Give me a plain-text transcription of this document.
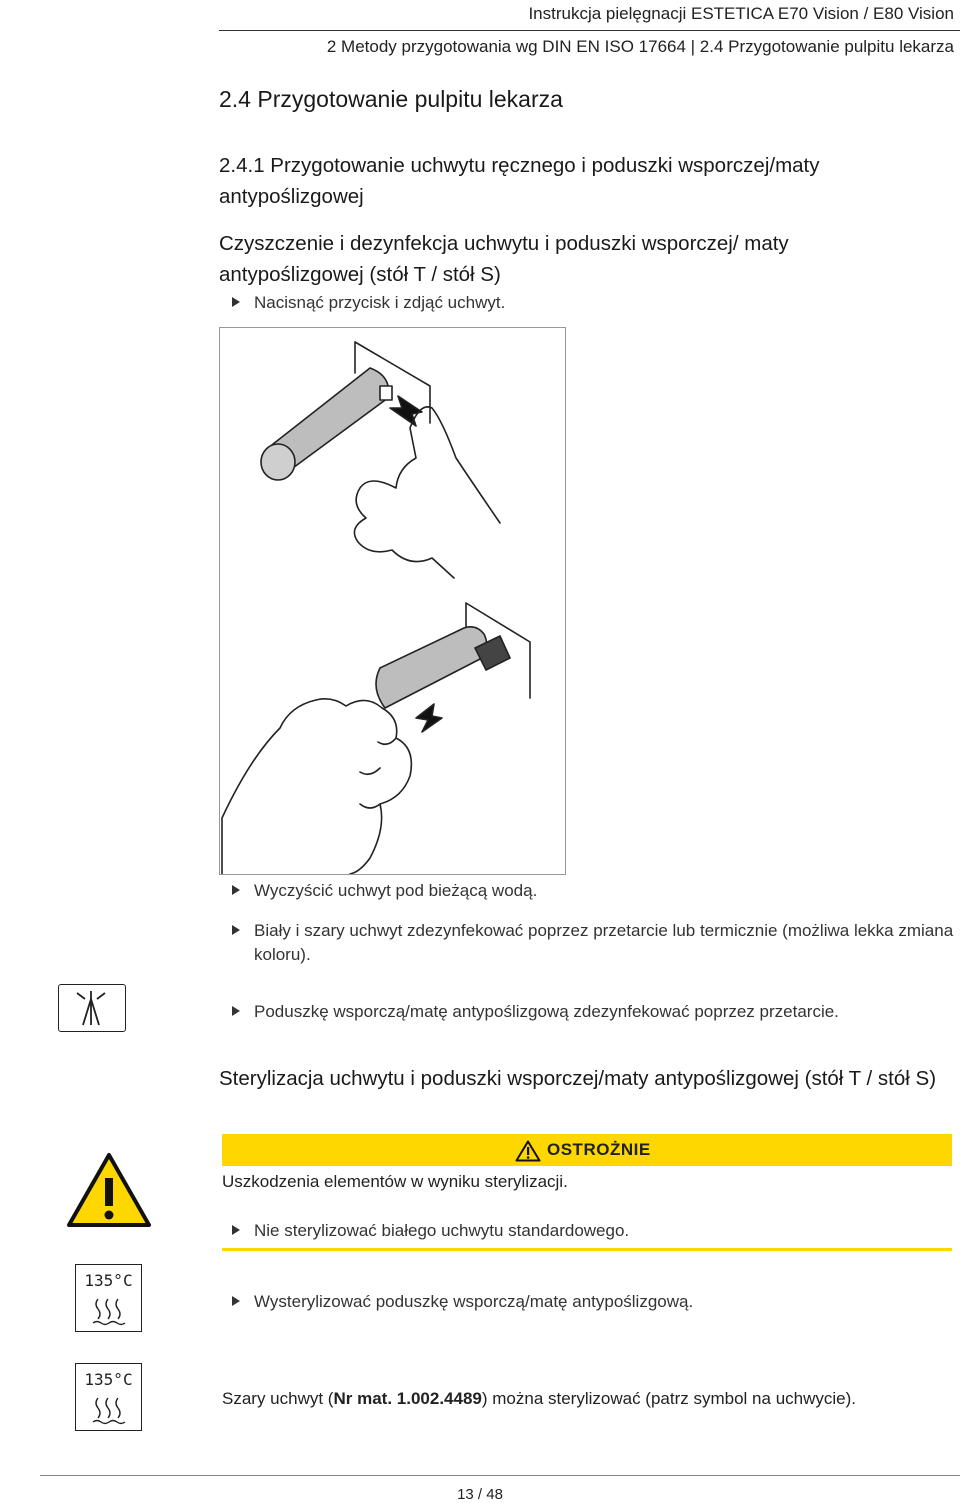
Instrukcja pielęgnacji ESTETICA E70 Vision / E80 Vision
2 Metody przygotowania wg DIN EN ISO 17664 | 2.4 Przygotowanie pulpitu lekarza
2.4 Przygotowanie pulpitu lekarza
2.4.1 Przygotowanie uchwytu ręcznego i poduszki wsporczej/maty antypoślizgowej
Czyszczenie i dezynfekcja uchwytu i poduszki wsporczej/ maty antypoślizgowej (stół T / stół S)
Nacisnąć przycisk i zdjąć uchwyt.
Wyczyścić uchwyt pod bieżącą wodą.
Biały i szary uchwyt zdezynfekować poprzez przetarcie lub termicznie (możliwa lekka zmiana koloru).
Poduszkę wsporczą/matę antypoślizgową zdezynfekować poprzez przetarcie.
Sterylizacja uchwytu i poduszki wsporczej/maty antypoślizgowej (stół T / stół S)
OSTROŻNIE
Uszkodzenia elementów w wyniku sterylizacji.
Nie sterylizować białego uchwytu standardowego.
135°C
Wysterylizować poduszkę wsporczą/matę antypoślizgową.
135°C
Szary uchwyt (Nr mat. 1.002.4489) można sterylizować (patrz symbol na uchwycie).
13 / 48
